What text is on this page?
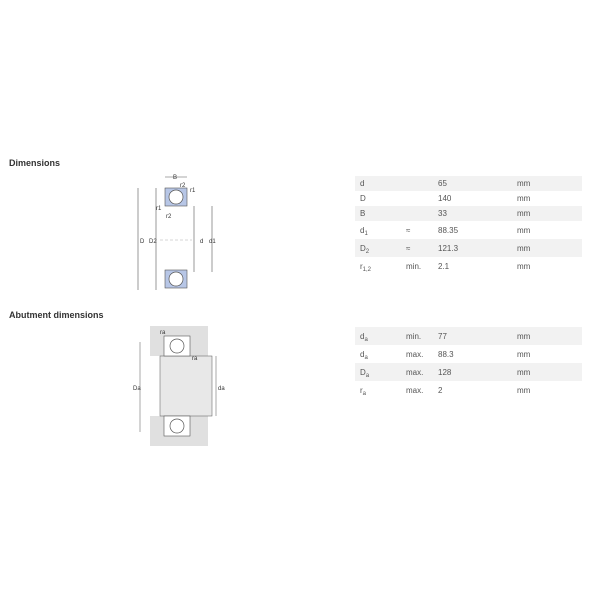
Dimensions
Abutment dimensions
B
r2
r1
r1
r2
D D2	d d1
ra
ra
Da	da
d		65	mm
D		140	mm
B		33	mm
$d_1$	≈	88.35	mm
$D_2$	≈	121.3	mm
$r_{1,2}$	min.	2.1	mm
$d_a$	min.	77	mm
$d_a$	max.	88.3	mm
$D_a$	max.	128	mm
$r_a$	max.	2	mm
